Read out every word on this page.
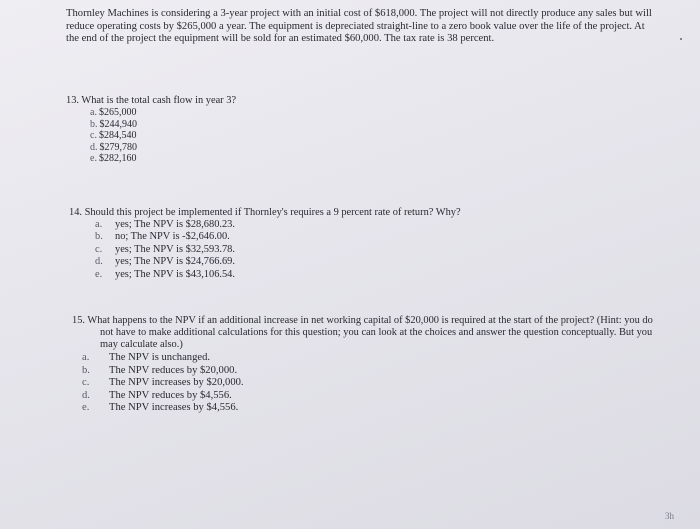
Thornley Machines is considering a 3-year project with an initial cost of $618,000. The project will not directly produce any sales but will reduce operating costs by $265,000 a year. The equipment is depreciated straight-line to a zero book value over the life of the project. At the end of the project the equipment will be sold for an estimated $60,000. The tax rate is 38 percent.

13. What is the total cash flow in year 3?
a. $265,000
b. $244,940
c. $284,540
d. $279,780
e. $282,160
14. Should this project be implemented if Thornley's requires a 9 percent rate of return? Why?
a. yes; The NPV is $28,680.23.
b. no; The NPV is -$2,646.00.
c. yes; The NPV is $32,593.78.
d. yes; The NPV is $24,766.69.
e. yes; The NPV is $43,106.54.
15. What happens to the NPV if an additional increase in net working capital of $20,000 is required at the start of the project? (Hint: you do not have to make additional calculations for this question; you can look at the choices and answer the question conceptually. But you may calculate also.)
a. The NPV is unchanged.
b. The NPV reduces by $20,000.
c. The NPV increases by $20,000.
d. The NPV reduces by $4,556.
e. The NPV increases by $4,556.
3h
